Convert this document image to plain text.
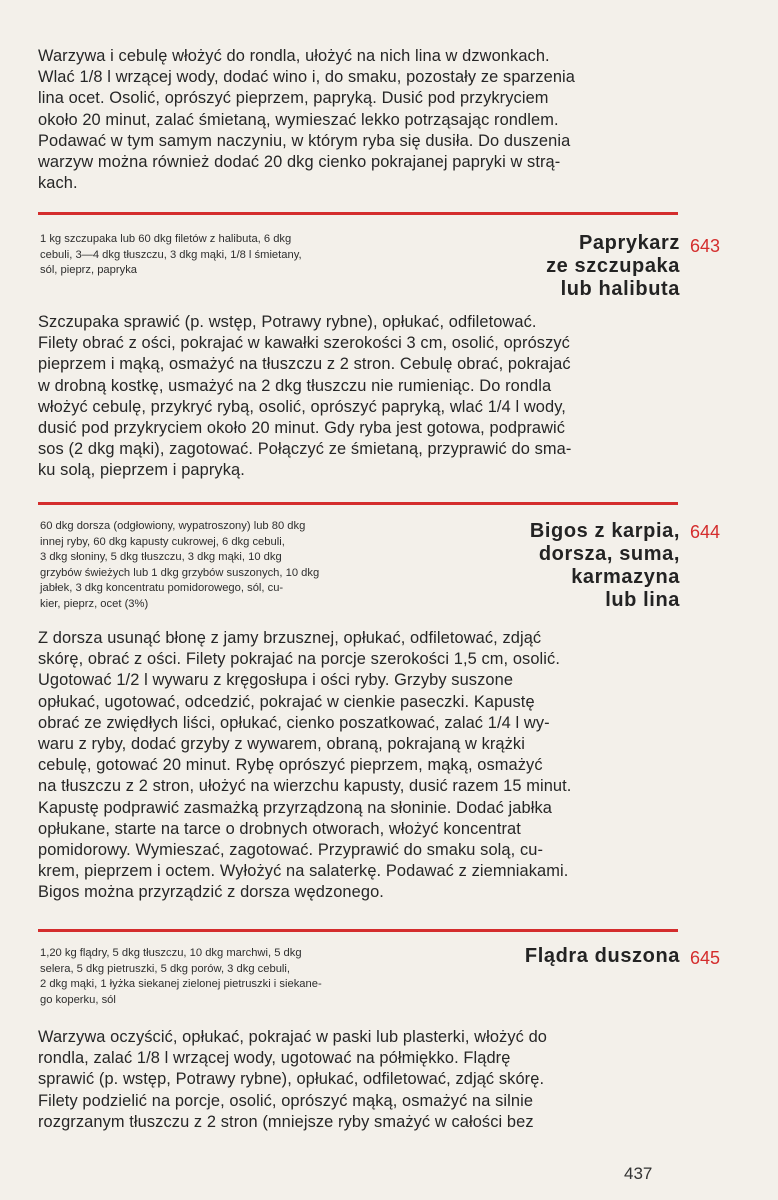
Warzywa i cebulę włożyć do rondla, ułożyć na nich lina w dzwonkach.
Wlać 1/8 l wrzącej wody, dodać wino i, do smaku, pozostały ze sparzenia
lina ocet. Osolić, oprószyć pieprzem, papryką. Dusić pod przykryciem
około 20 minut, zalać śmietaną, wymieszać lekko potrząsając rondlem.
Podawać w tym samym naczyniu, w którym ryba się dusiła. Do duszenia
warzyw można również dodać 20 dkg cienko pokrajanej papryki w strą-
kach.
1 kg szczupaka lub 60 dkg filetów z halibuta, 6 dkg
cebuli, 3—4 dkg tłuszczu, 3 dkg mąki, 1/8 l śmietany,
sól, pieprz, papryka
Paprykarz
ze szczupaka
lub halibuta
643
Szczupaka sprawić (p. wstęp, Potrawy rybne), opłukać, odfiletować.
Filety obrać z ości, pokrajać w kawałki szerokości 3 cm, osolić, oprószyć
pieprzem i mąką, osmażyć na tłuszczu z 2 stron. Cebulę obrać, pokrajać
w drobną kostkę, usmażyć na 2 dkg tłuszczu nie rumieniąc. Do rondla
włożyć cebulę, przykryć rybą, osolić, oprószyć papryką, wlać 1/4 l wody,
dusić pod przykryciem około 20 minut. Gdy ryba jest gotowa, podprawić
sos (2 dkg mąki), zagotować. Połączyć ze śmietaną, przyprawić do sma-
ku solą, pieprzem i papryką.
60 dkg dorsza (odgłowiony, wypatroszony) lub 80 dkg
innej ryby, 60 dkg kapusty cukrowej, 6 dkg cebuli,
3 dkg słoniny, 5 dkg tłuszczu, 3 dkg mąki, 10 dkg
grzybów świeżych lub 1 dkg grzybów suszonych, 10 dkg
jabłek, 3 dkg koncentratu pomidorowego, sól, cu-
kier, pieprz, ocet (3%)
Bigos z karpia,
dorsza, suma,
karmazyna
lub lina
644
Z dorsza usunąć błonę z jamy brzusznej, opłukać, odfiletować, zdjąć
skórę, obrać z ości. Filety pokrajać na porcje szerokości 1,5 cm, osolić.
Ugotować 1/2 l wywaru z kręgosłupa i ości ryby. Grzyby suszone
opłukać, ugotować, odcedzić, pokrajać w cienkie paseczki. Kapustę
obrać ze zwiędłych liści, opłukać, cienko poszatkować, zalać 1/4 l wy-
waru z ryby, dodać grzyby z wywarem, obraną, pokrajaną w krążki
cebulę, gotować 20 minut. Rybę oprószyć pieprzem, mąką, osmażyć
na tłuszczu z 2 stron, ułożyć na wierzchu kapusty, dusić razem 15 minut.
Kapustę podprawić zasmażką przyrządzoną na słoninie. Dodać jabłka
opłukane, starte na tarce o drobnych otworach, włożyć koncentrat
pomidorowy. Wymieszać, zagotować. Przyprawić do smaku solą, cu-
krem, pieprzem i octem. Wyłożyć na salaterkę. Podawać z ziemniakami.
Bigos można przyrządzić z dorsza wędzonego.
1,20 kg flądry, 5 dkg tłuszczu, 10 dkg marchwi, 5 dkg
selera, 5 dkg pietruszki, 5 dkg porów, 3 dkg cebuli,
2 dkg mąki, 1 łyżka siekanej zielonej pietruszki i siekane-
go koperku, sól
Flądra duszona 645
Warzywa oczyścić, opłukać, pokrajać w paski lub plasterki, włożyć do
rondla, zalać 1/8 l wrzącej wody, ugotować na półmiękko. Flądrę
sprawić (p. wstęp, Potrawy rybne), opłukać, odfiletować, zdjąć skórę.
Filety podzielić na porcje, osolić, oprószyć mąką, osmażyć na silnie
rozgrzanym tłuszczu z 2 stron (mniejsze ryby smażyć w całości bez
437
